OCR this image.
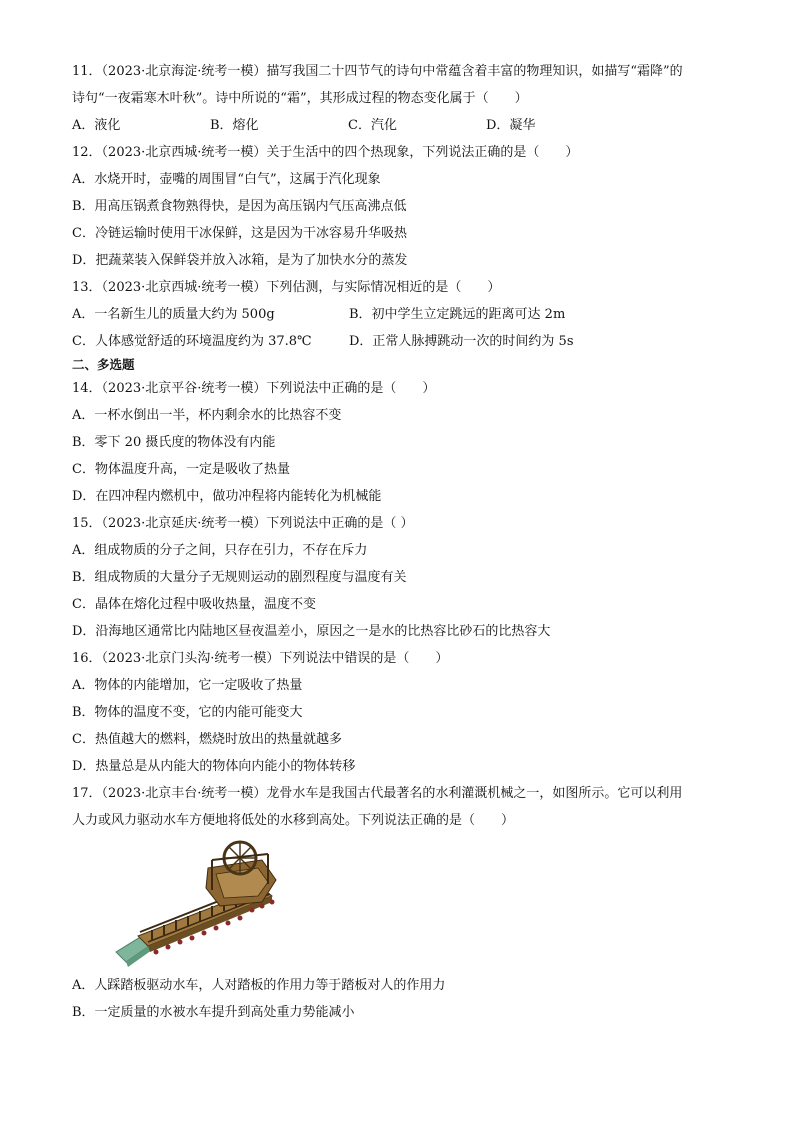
11．（2023·北京海淀·统考一模）描写我国二十四节气的诗句中常蕴含着丰富的物理知识，如描写“霜降”的
诗句“一夜霜寒木叶秋”。诗中所说的“霜”，其形成过程的物态变化属于（　　）
A．液化	B．熔化	C．汽化	D．凝华
12．（2023·北京西城·统考一模）关于生活中的四个热现象，下列说法正确的是（　　）
A．水烧开时，壶嘴的周围冒“白气”，这属于汽化现象
B．用高压锅煮食物熟得快，是因为高压锅内气压高沸点低
C．冷链运输时使用干冰保鲜，这是因为干冰容易升华吸热
D．把蔬菜装入保鲜袋并放入冰箱，是为了加快水分的蒸发
13．（2023·北京西城·统考一模）下列估测，与实际情况相近的是（　　）
A．一名新生儿的质量大约为 500g	B．初中学生立定跳远的距离可达 2m
C．人体感觉舒适的环境温度约为 37.8℃	D．正常人脉搏跳动一次的时间约为 5s
二、多选题
14．（2023·北京平谷·统考一模）下列说法中正确的是（　　）
A．一杯水倒出一半，杯内剩余水的比热容不变
B．零下 20 摄氏度的物体没有内能
C．物体温度升高，一定是吸收了热量
D．在四冲程内燃机中，做功冲程将内能转化为机械能
15．（2023·北京延庆·统考一模）下列说法中正确的是（ ）
A．组成物质的分子之间，只存在引力，不存在斥力
B．组成物质的大量分子无规则运动的剧烈程度与温度有关
C．晶体在熔化过程中吸收热量，温度不变
D．沿海地区通常比内陆地区昼夜温差小，原因之一是水的比热容比砂石的比热容大
16．（2023·北京门头沟·统考一模）下列说法中错误的是（　　）
A．物体的内能增加，它一定吸收了热量
B．物体的温度不变，它的内能可能变大
C．热值越大的燃料，燃烧时放出的热量就越多
D．热量总是从内能大的物体向内能小的物体转移
17．（2023·北京丰台·统考一模）龙骨水车是我国古代最著名的水利灌溉机械之一，如图所示。它可以利用
人力或风力驱动水车方便地将低处的水移到高处。下列说法正确的是（　　）
A．人踩踏板驱动水车，人对踏板的作用力等于踏板对人的作用力
B．一定质量的水被水车提升到高处重力势能减小
